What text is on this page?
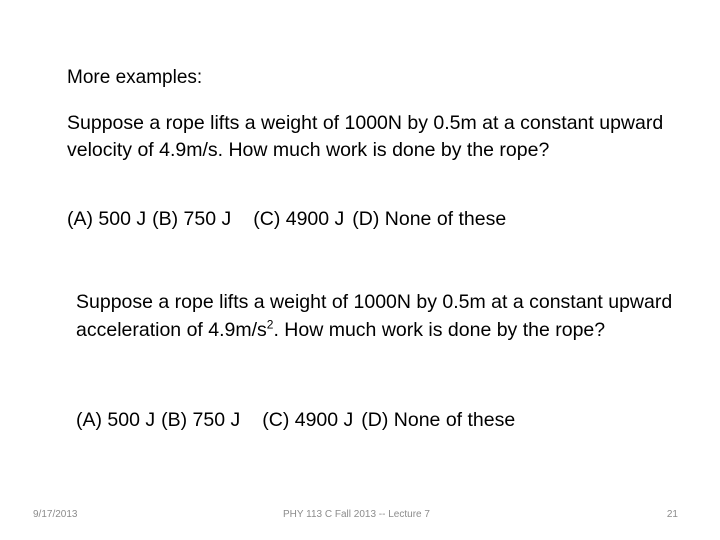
More examples:
Suppose a rope lifts a weight of 1000N by 0.5m at a constant upward velocity of 4.9m/s. How much work is done by the rope?
(A) 500 J (B) 750 J (C) 4900 J (D) None of these
Suppose a rope lifts a weight of 1000N by 0.5m at a constant upward acceleration of $4.9m/s^2$. How much work is done by the rope?
(A) 500 J (B) 750 J (C) 4900 J (D) None of these
9/17/2013	PHY 113 C Fall 2013 -- Lecture 7	21
